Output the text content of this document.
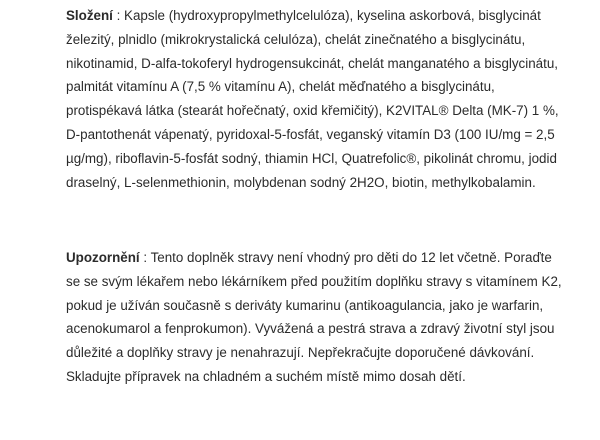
Složení : Kapsle (hydroxypropylmethylcelulóza), kyselina askorbová, bisglycinát železitý, plnidlo (mikrokrystalická celulóza), chelát zinečnatého a bisglycinátu, nikotinamid, D-alfa-tokoferyl hydrogensukcinát, chelát manganatého a bisglycinátu, palmitát vitamínu A (7,5 % vitamínu A), chelát měďnatého a bisglycinátu, protispékavá látka (stearát hořečnatý, oxid křemičitý), K2VITAL® Delta (MK-7) 1 %, D-pantothenát vápenatý, pyridoxal-5-fosfát, veganský vitamín D3 (100 IU/mg = 2,5 µg/mg), riboflavin-5-fosfát sodný, thiamin HCl, Quatrefolic®, pikolinát chromu, jodid draselný, L-selenmethionin, molybdenan sodný 2H2O, biotin, methylkobalamin.

Upozornění : Tento doplněk stravy není vhodný pro děti do 12 let včetně. Poraďte se se svým lékařem nebo lékárníkem před použitím doplňku stravy s vitamínem K2, pokud je užíván současně s deriváty kumarinu (antikoagulancia, jako je warfarin, acenokumarol a fenprokumon). Vyvážená a pestrá strava a zdravý životní styl jsou důležité a doplňky stravy je nenahrazují. Nepřekračujte doporučené dávkování. Skladujte přípravek na chladném a suchém místě mimo dosah dětí.
